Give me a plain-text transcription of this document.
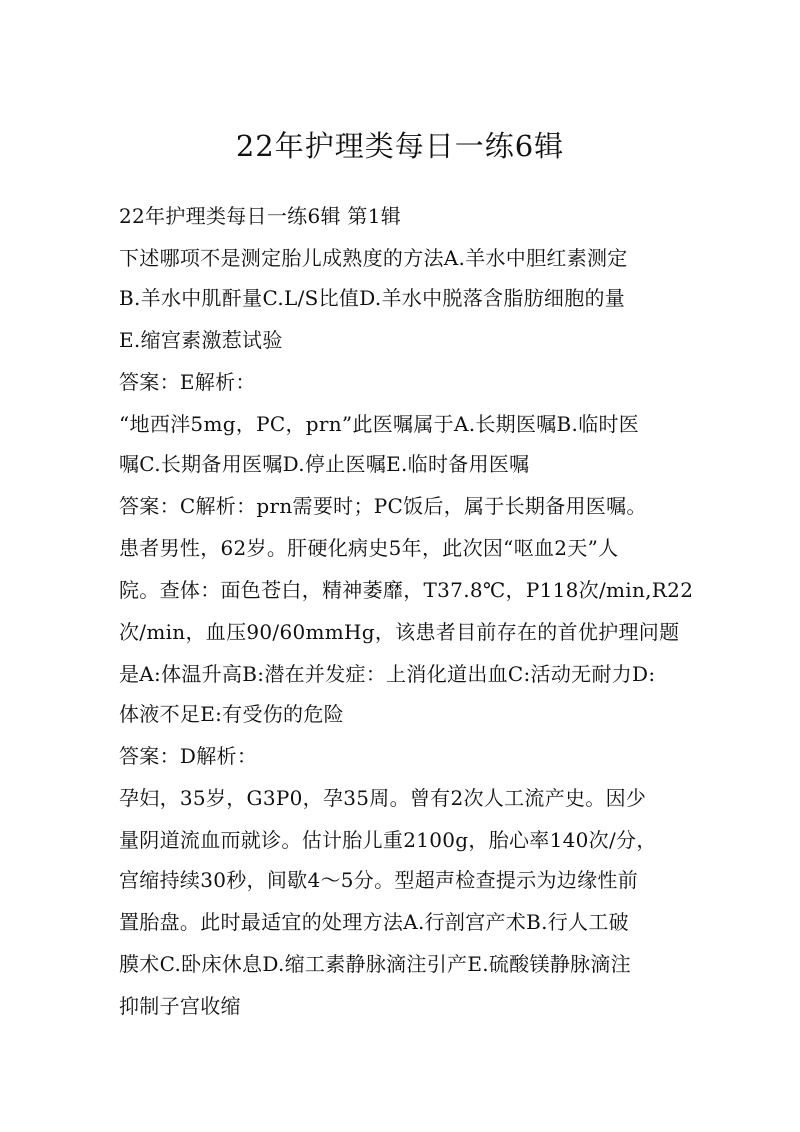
22年护理类每日一练6辑
22年护理类每日一练6辑 第1辑
下述哪项不是测定胎儿成熟度的方法A.羊水中胆红素测定
B.羊水中肌酐量C.L/S比值D.羊水中脱落含脂肪细胞的量
E.缩宫素激惹试验
答案：E解析：
“地西泮5mg，PC，prn”此医嘱属于A.长期医嘱B.临时医
嘱C.长期备用医嘱D.停止医嘱E.临时备用医嘱
答案：C解析：prn需要时；PC饭后，属于长期备用医嘱。
患者男性，62岁。肝硬化病史5年，此次因“呕血2天”人
院。查体：面色苍白，精神萎靡，T37.8℃，P118次/min,R22
次/min，血压90/60mmHg，该患者目前存在的首优护理问题
是A:体温升高B:潜在并发症：上消化道出血C:活动无耐力D:
体液不足E:有受伤的危险
答案：D解析：
孕妇，35岁，G3P0，孕35周。曾有2次人工流产史。因少
量阴道流血而就诊。估计胎儿重2100g，胎心率140次/分，
宫缩持续30秒，间歇4～5分。型超声检查提示为边缘性前
置胎盘。此时最适宜的处理方法A.行剖宫产术B.行人工破
膜术C.卧床休息D.缩工素静脉滴注引产E.硫酸镁静脉滴注
抑制子宫收缩
